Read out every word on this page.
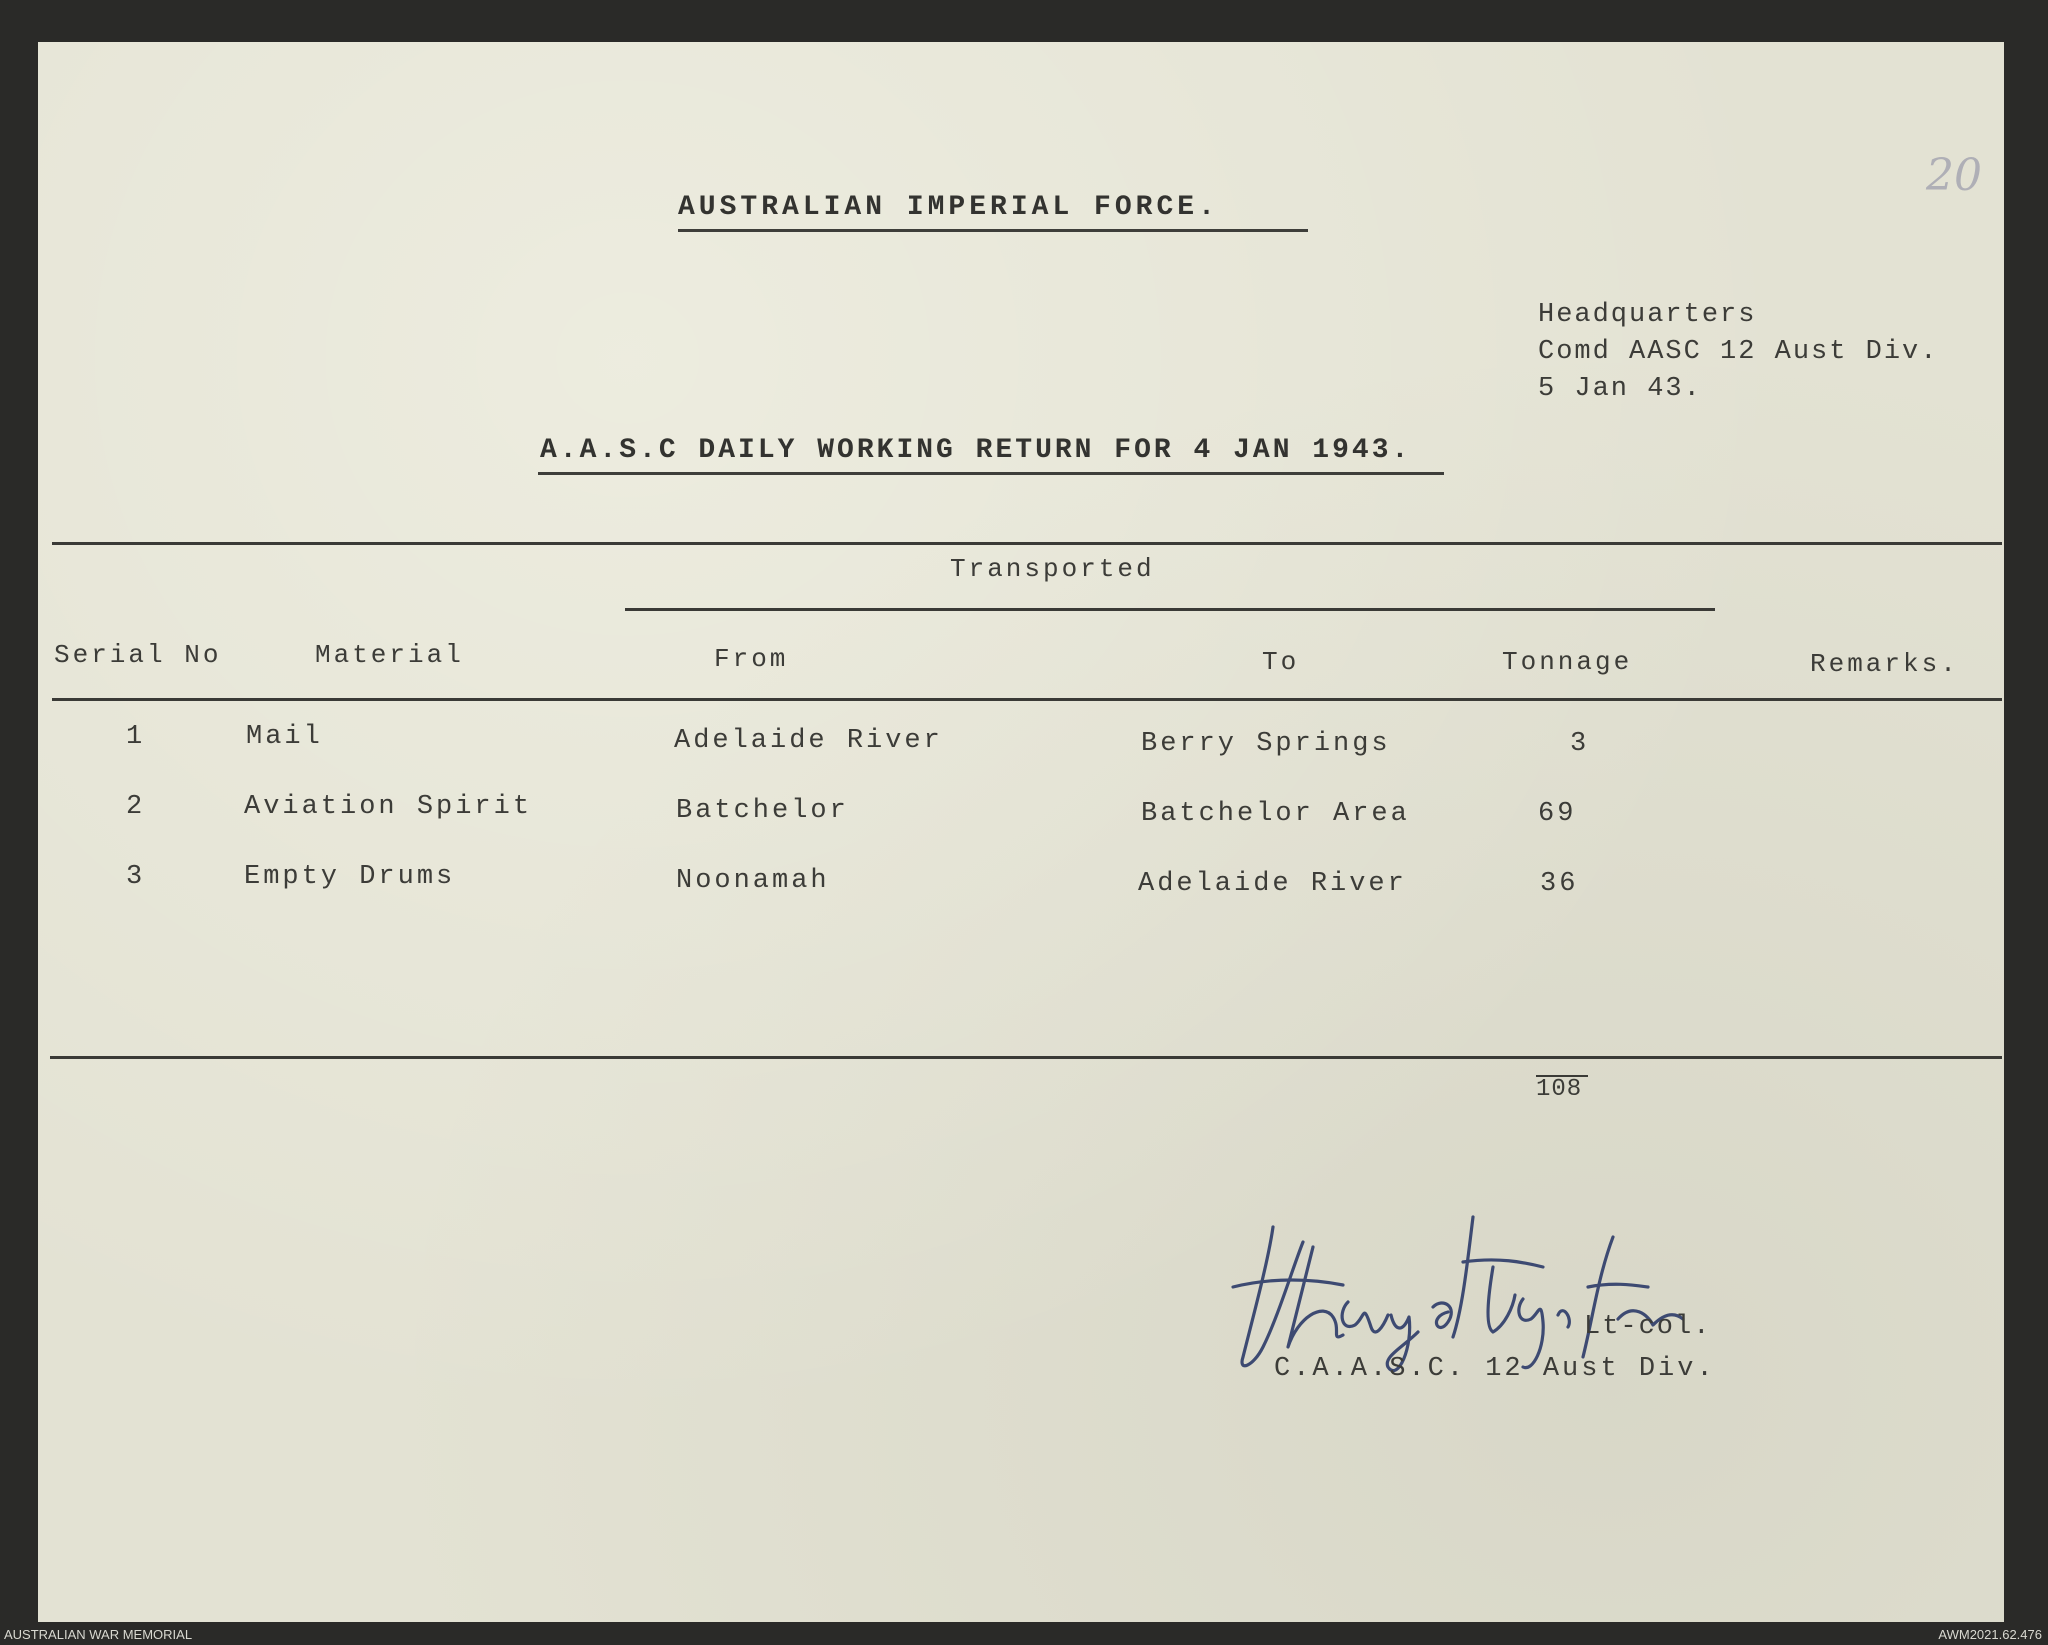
20
AUSTRALIAN IMPERIAL FORCE.
Headquarters
Comd AASC 12 Aust Div.
5 Jan 43.
A.A.S.C DAILY WORKING RETURN FOR 4 JAN 1943.
Transported
Serial No	Material	From	To	Tonnage	Remarks.
1	Mail	Adelaide River	Berry Springs	3
2	Aviation Spirit	Batchelor	Batchelor Area	69
3	Empty Drums	Noonamah	Adelaide River	36
108
Lt-col.
C.A.A.S.C. 12 Aust Div.
AUSTRALIAN WAR MEMORIAL	AWM2021.62.476
